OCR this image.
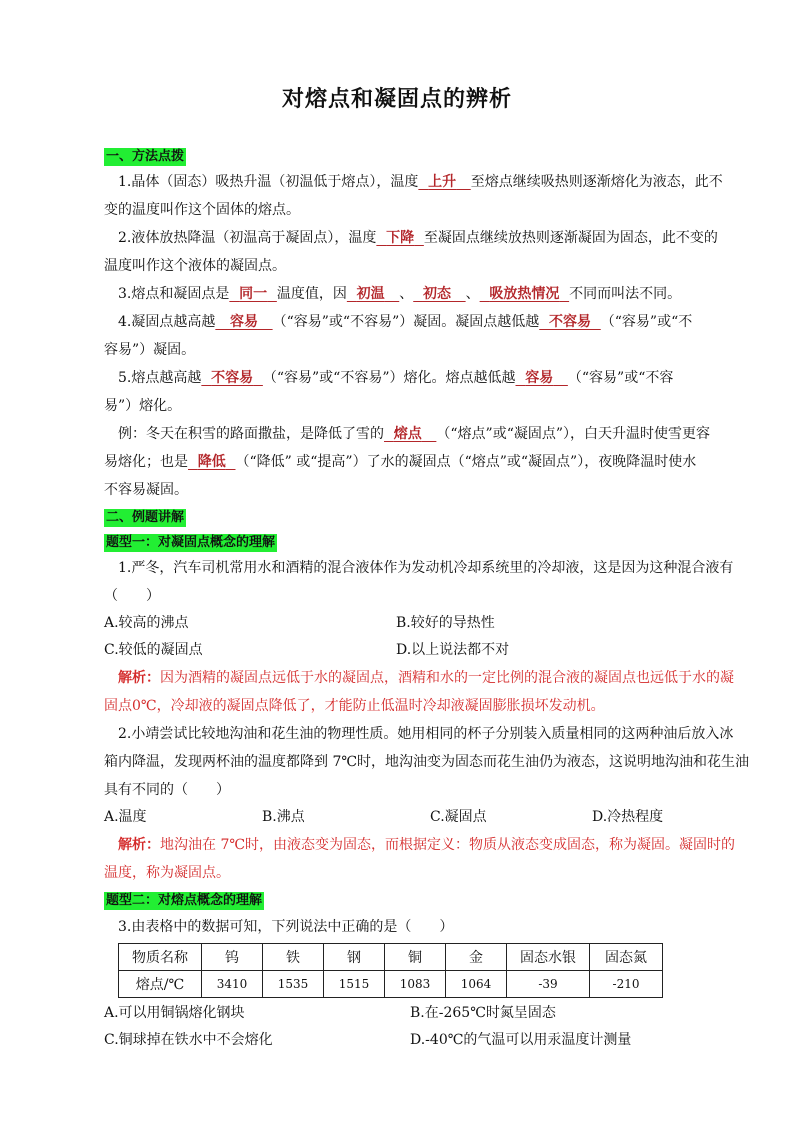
对熔点和凝固点的辨析
一、方法点拨
　1.晶体（固态）吸热升温（初温低于熔点），温度 上升 至熔点继续吸热则逐渐熔化为液态，此不
变的温度叫作这个固体的熔点。
　2.液体放热降温（初温高于凝固点），温度 下降 至凝固点继续放热则逐渐凝固为固态，此不变的
温度叫作这个液体的凝固点。
　3.熔点和凝固点是 同一 温度值，因 初温 、 初态 、 吸放热情况 不同而叫法不同。
　4.凝固点越高越 容易 （“容易”或“不容易”）凝固。凝固点越低越 不容易 （“容易”或“不
容易”）凝固。
　5.熔点越高越 不容易 （“容易”或“不容易”）熔化。熔点越低越 容易 （“容易”或“不容
易”）熔化。
　例：冬天在积雪的路面撒盐，是降低了雪的 熔点 （“熔点”或“凝固点”），白天升温时使雪更容
易熔化；也是 降低 （“降低” 或“提高”）了水的凝固点（“熔点”或“凝固点”），夜晚降温时使水
不容易凝固。
二、例题讲解
题型一：对凝固点概念的理解
　1.严冬，汽车司机常用水和酒精的混合液体作为发动机冷却系统里的冷却液，这是因为这种混合液有
（　　）
A.较高的沸点	B.较好的导热性
C.较低的凝固点	D.以上说法都不对
　解析：因为酒精的凝固点远低于水的凝固点，酒精和水的一定比例的混合液的凝固点也远低于水的凝
固点0℃，冷却液的凝固点降低了，才能防止低温时冷却液凝固膨胀损坏发动机。
　2.小靖尝试比较地沟油和花生油的物理性质。她用相同的杯子分别装入质量相同的这两种油后放入冰
箱内降温，发现两杯油的温度都降到 7℃时，地沟油变为固态而花生油仍为液态，这说明地沟油和花生油
具有不同的（　　）
A.温度	B.沸点	C.凝固点	D.冷热程度
　解析：地沟油在 7℃时，由液态变为固态，而根据定义：物质从液态变成固态，称为凝固。凝固时的
温度，称为凝固点。
题型二：对熔点概念的理解
　3.由表格中的数据可知，下列说法中正确的是（　　）
物质名称	钨	铁	钢	铜	金	固态水银	固态氮
熔点/℃	3410	1535	1515	1083	1064	-39	-210
A.可以用铜锅熔化钢块	B.在-265℃时氮呈固态
C.铜球掉在铁水中不会熔化	D.-40℃的气温可以用汞温度计测量
